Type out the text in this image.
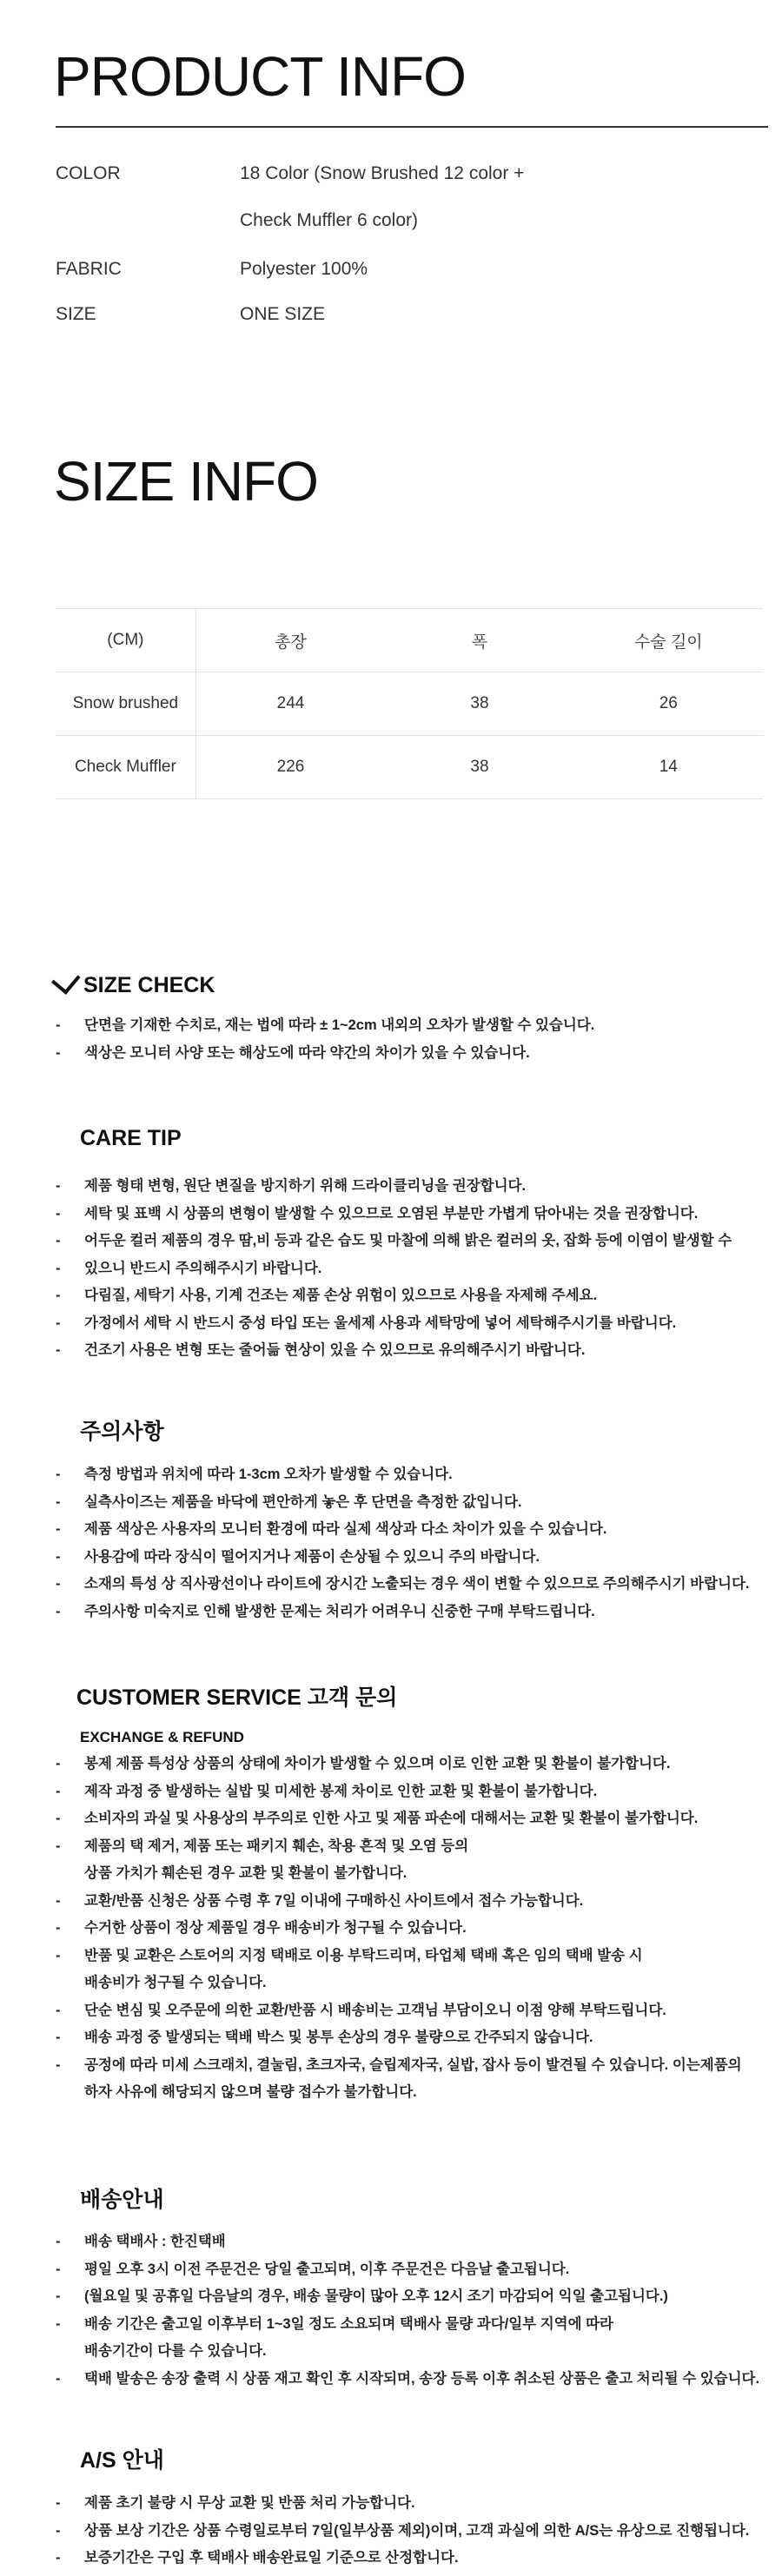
PRODUCT INFO
COLOR	18 Color (Snow Brushed 12 color +
Check Muffler 6 color)
FABRIC	Polyester 100%
SIZE	ONE SIZE
SIZE INFO
(CM)	총장	폭	수술 길이
Snow brushed	244	38	26
Check Muffler	226	38	14
SIZE CHECK
- 단면을 기재한 수치로, 재는 법에 따라 ± 1~2cm 내외의 오차가 발생할 수 있습니다.
- 색상은 모니터 사양 또는 해상도에 따라 약간의 차이가 있을 수 있습니다.
CARE TIP
- 제품 형태 변형, 원단 변질을 방지하기 위해 드라이클리닝을 권장합니다.
- 세탁 및 표백 시 상품의 변형이 발생할 수 있으므로 오염된 부분만 가볍게 닦아내는 것을 권장합니다.
- 어두운 컬러 제품의 경우 땀,비 등과 같은 습도 및 마찰에 의해 밝은 컬러의 옷, 잡화 등에 이염이 발생할 수
- 있으니 반드시 주의해주시기 바랍니다.
- 다림질, 세탁기 사용, 기계 건조는 제품 손상 위험이 있으므로 사용을 자제해 주세요.
- 가정에서 세탁 시 반드시 중성 타입 또는 울세제 사용과 세탁망에 넣어 세탁해주시기를 바랍니다.
- 건조기 사용은 변형 또는 줄어듦 현상이 있을 수 있으므로 유의해주시기 바랍니다.
주의사항
- 측정 방법과 위치에 따라 1-3cm 오차가 발생할 수 있습니다.
- 실측사이즈는 제품을 바닥에 편안하게 놓은 후 단면을 측정한 값입니다.
- 제품 색상은 사용자의 모니터 환경에 따라 실제 색상과 다소 차이가 있을 수 있습니다.
- 사용감에 따라 장식이 떨어지거나 제품이 손상될 수 있으니 주의 바랍니다.
- 소재의 특성 상 직사광선이나 라이트에 장시간 노출되는 경우 색이 변할 수 있으므로 주의해주시기 바랍니다.
- 주의사항 미숙지로 인해 발생한 문제는 처리가 어려우니 신중한 구매 부탁드립니다.
CUSTOMER SERVICE 고객 문의
EXCHANGE & REFUND
- 봉제 제품 특성상 상품의 상태에 차이가 발생할 수 있으며 이로 인한 교환 및 환불이 불가합니다.
- 제작 과정 중 발생하는 실밥 및 미세한 봉제 차이로 인한 교환 및 환불이 불가합니다.
- 소비자의 과실 및 사용상의 부주의로 인한 사고 및 제품 파손에 대해서는 교환 및 환불이 불가합니다.
- 제품의 택 제거, 제품 또는 패키지 훼손, 착용 흔적 및 오염 등의
상품 가치가 훼손된 경우 교환 및 환불이 불가합니다.
- 교환/반품 신청은 상품 수령 후 7일 이내에 구매하신 사이트에서 접수 가능합니다.
- 수거한 상품이 정상 제품일 경우 배송비가 청구될 수 있습니다.
- 반품 및 교환은 스토어의 지정 택배로 이용 부탁드리며, 타업체 택배 혹은 임의 택배 발송 시
배송비가 청구될 수 있습니다.
- 단순 변심 및 오주문에 의한 교환/반품 시 배송비는 고객님 부담이오니 이점 양해 부탁드립니다.
- 배송 과정 중 발생되는 택배 박스 및 봉투 손상의 경우 불량으로 간주되지 않습니다.
- 공정에 따라 미세 스크래치, 결눌림, 초크자국, 슬립제자국, 실밥, 잡사 등이 발견될 수 있습니다. 이는제품의
하자 사유에 해당되지 않으며 불량 접수가 불가합니다.
배송안내
- 배송 택배사 : 한진택배
- 평일 오후 3시 이전 주문건은 당일 출고되며, 이후 주문건은 다음날 출고됩니다.
- (월요일 및 공휴일 다음날의 경우, 배송 물량이 많아 오후 12시 조기 마감되어 익일 출고됩니다.)
- 배송 기간은 출고일 이후부터 1~3일 정도 소요되며 택배사 물량 과다/일부 지역에 따라
배송기간이 다를 수 있습니다.
- 택배 발송은 송장 출력 시 상품 재고 확인 후 시작되며, 송장 등록 이후 취소된 상품은 출고 처리될 수 있습니다.
A/S 안내
- 제품 초기 불량 시 무상 교환 및 반품 처리 가능합니다.
- 상품 보상 기간은 상품 수령일로부터 7일(일부상품 제외)이며, 고객 과실에 의한 A/S는 유상으로 진행됩니다.
- 보증기간은 구입 후 택배사 배송완료일 기준으로 산정합니다.
